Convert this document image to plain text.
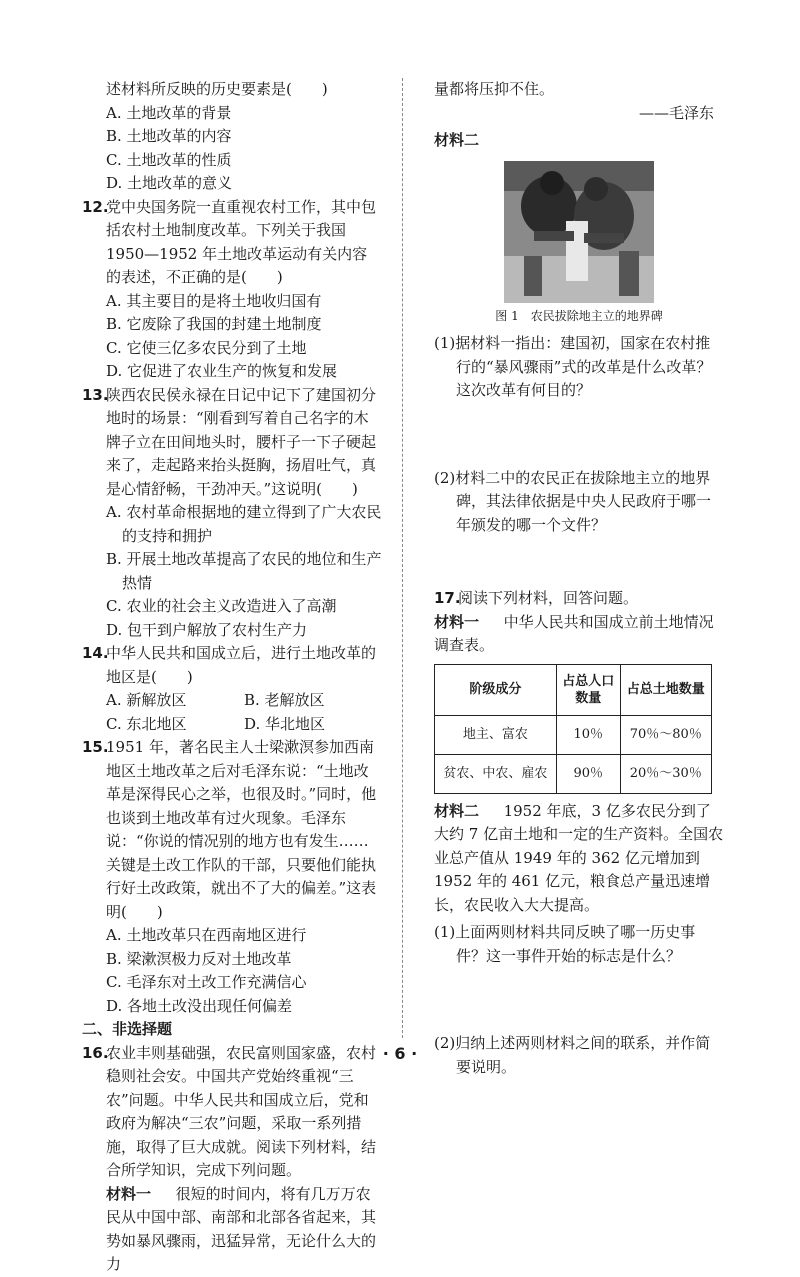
述材料所反映的历史要素是(　　)
A. 土地改革的背景
B. 土地改革的内容
C. 土地改革的性质
D. 土地改革的意义
12.
党中央国务院一直重视农村工作，其中包括农村土地制度改革。下列关于我国 1950—1952 年土地改革运动有关内容的表述，不正确的是(　　)
A. 其主要目的是将土地收归国有
B. 它废除了我国的封建土地制度
C. 它使三亿多农民分到了土地
D. 它促进了农业生产的恢复和发展
13.
陕西农民侯永禄在日记中记下了建国初分地时的场景：“刚看到写着自己名字的木牌子立在田间地头时，腰杆子一下子硬起来了，走起路来抬头挺胸，扬眉吐气，真是心情舒畅，干劲冲天。”这说明(　　)
A. 农村革命根据地的建立得到了广大农民的支持和拥护
B. 开展土地改革提高了农民的地位和生产热情
C. 农业的社会主义改造进入了高潮
D. 包干到户解放了农村生产力
14.
中华人民共和国成立后，进行土地改革的地区是(　　)
A. 新解放区	B. 老解放区
C. 东北地区	D. 华北地区
15.
1951 年，著名民主人士梁漱溟参加西南地区土地改革之后对毛泽东说：“土地改革是深得民心之举，也很及时。”同时，他也谈到土地改革有过火现象。毛泽东说：“你说的情况别的地方也有发生……关键是土改工作队的干部，只要他们能执行好土改政策，就出不了大的偏差。”这表明(　　)
A. 土地改革只在西南地区进行
B. 梁漱溟极力反对土地改革
C. 毛泽东对土改工作充满信心
D. 各地土改没出现任何偏差
二、非选择题
16.
农业丰则基础强，农民富则国家盛，农村稳则社会安。中国共产党始终重视“三农”问题。中华人民共和国成立后，党和政府为解决“三农”问题，采取一系列措施，取得了巨大成就。阅读下列材料，结合所学知识，完成下列问题。
材料一 　 很短的时间内，将有几万万农民从中国中部、南部和北部各省起来，其势如暴风骤雨，迅猛异常，无论什么大的力
量都将压抑不住。
——毛泽东
材料二
图 1　农民拔除地主立的地界碑
(1)据材料一指出：建国初，国家在农村推行的“暴风骤雨”式的改革是什么改革？这次改革有何目的？
(2)材料二中的农民正在拔除地主立的地界碑，其法律依据是中央人民政府于哪一年颁发的哪一个文件？
17.
阅读下列材料，回答问题。
材料一 　 中华人民共和国成立前土地情况调查表。
阶级成分	占总人口数量	占总土地数量
地主、富农	10％	70％～80％
贫农、中农、雇农	90％	20％～30％
材料二 　 1952 年底，3 亿多农民分到了大约 7 亿亩土地和一定的生产资料。全国农业总产值从 1949 年的 362 亿元增加到 1952 年的 461 亿元，粮食总产量迅速增长，农民收入大大提高。
(1)上面两则材料共同反映了哪一历史事件？这一事件开始的标志是什么？
(2)归纳上述两则材料之间的联系，并作简要说明。
· 6 ·
